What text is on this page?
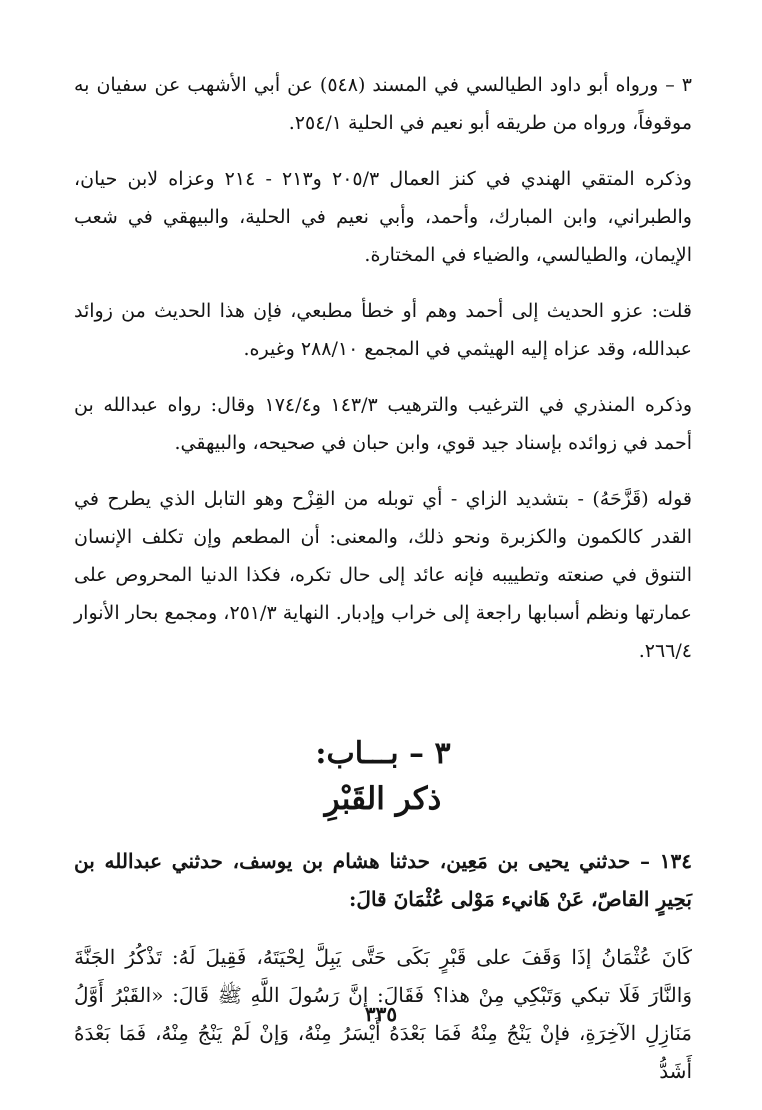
٣ – ورواه أبو داود الطيالسي في المسند (٥٤٨) عن أبي الأشهب عن سفيان به موقوفاً، ورواه من طريقه أبو نعيم في الحلية ٢٥٤/١.

وذكره المتقي الهندي في كنز العمال ٢٠٥/٣ و٢١٣ - ٢١٤ وعزاه لابن حيان، والطبراني، وابن المبارك، وأحمد، وأبي نعيم في الحلية، والبيهقي في شعب الإيمان، والطيالسي، والضياء في المختارة.

قلت: عزو الحديث إلى أحمد وهم أو خطأ مطبعي، فإن هذا الحديث من زوائد عبدالله، وقد عزاه إليه الهيثمي في المجمع ٢٨٨/١٠ وغيره.

وذكره المنذري في الترغيب والترهيب ١٤٣/٣ و١٧٤/٤ وقال: رواه عبدالله بن أحمد في زوائده بإسناد جيد قوي، وابن حبان في صحيحه، والبيهقي.

قوله (قَزَّحَهُ) - بتشديد الزاي - أي توبله من القِزْح وهو التابل الذي يطرح في القدر كالكمون والكزبرة ونحو ذلك، والمعنى: أن المطعم وإن تكلف الإنسان التنوق في صنعته وتطييبه فإنه عائد إلى حال تكره، فكذا الدنيا المحروص على عمارتها ونظم أسبابها راجعة إلى خراب وإدبار. النهاية ٢٥١/٣، ومجمع بحار الأنوار ٢٦٦/٤.

٣ – بـــاب:
ذكر القَبْرِ

١٣٤ – حدثني يحيى بن مَعِين، حدثنا هشام بن يوسف، حدثني عبدالله بن بَحِيرٍ القاصّ، عَنْ هَانيء مَوْلى عُثْمَانَ قالَ:

كَانَ عُثْمَانُ إذَا وَقَفَ على قَبْرٍ بَكَى حَتَّى يَبِلَّ لِحْيَتَهُ، فَقِيلَ لَهُ: تَذْكُرُ الجَنَّةَ وَالنَّارَ فَلَا تبكي وَتَبْكِي مِنْ هذا؟ فَقَالَ: إنَّ رَسُولَ اللَّهِ ﷺ قَالَ: «القَبْرُ أَوَّلُ مَنَازِلِ الآخِرَةِ، فإنْ يَنْجُ مِنْهُ فَمَا بَعْدَهُ أَيْسَرُ مِنْهُ، وَإنْ لَمْ يَنْجُ مِنْهُ، فَمَا بَعْدَهُ أَشَدُّ

٣٣٥
